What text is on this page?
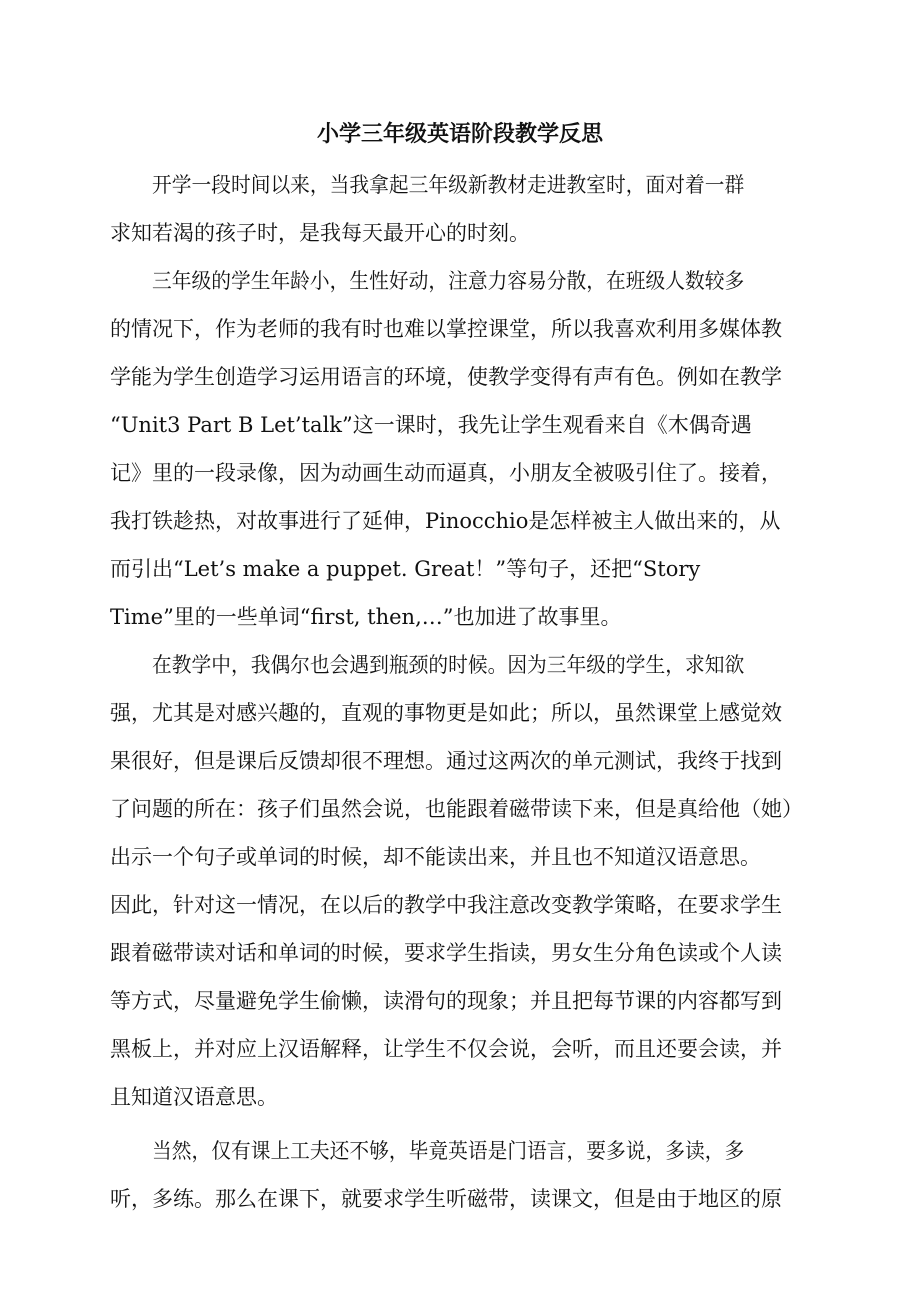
小学三年级英语阶段教学反思
开学一段时间以来，当我拿起三年级新教材走进教室时，面对着一群
求知若渴的孩子时，是我每天最开心的时刻。
三年级的学生年龄小，生性好动，注意力容易分散，在班级人数较多
的情况下，作为老师的我有时也难以掌控课堂，所以我喜欢利用多媒体教
学能为学生创造学习运用语言的环境，使教学变得有声有色。例如在教学
“Unit3 Part B Let’talk”这一课时，我先让学生观看来自《木偶奇遇
记》里的一段录像，因为动画生动而逼真，小朋友全被吸引住了。接着，
我打铁趁热，对故事进行了延伸，Pinocchio是怎样被主人做出来的，从
而引出“Let’s make a puppet. Great！”等句子，还把“Story
Time”里的一些单词“first, then,…”也加进了故事里。
在教学中，我偶尔也会遇到瓶颈的时候。因为三年级的学生，求知欲
强，尤其是对感兴趣的，直观的事物更是如此；所以，虽然课堂上感觉效
果很好，但是课后反馈却很不理想。通过这两次的单元测试，我终于找到
了问题的所在：孩子们虽然会说，也能跟着磁带读下来，但是真给他（她）
出示一个句子或单词的时候，却不能读出来，并且也不知道汉语意思。
因此，针对这一情况，在以后的教学中我注意改变教学策略，在要求学生
跟着磁带读对话和单词的时候，要求学生指读，男女生分角色读或个人读
等方式，尽量避免学生偷懒，读滑句的现象；并且把每节课的内容都写到
黑板上，并对应上汉语解释，让学生不仅会说，会听，而且还要会读，并
且知道汉语意思。
当然，仅有课上工夫还不够，毕竟英语是门语言，要多说，多读，多
听，多练。那么在课下，就要求学生听磁带，读课文，但是由于地区的原
